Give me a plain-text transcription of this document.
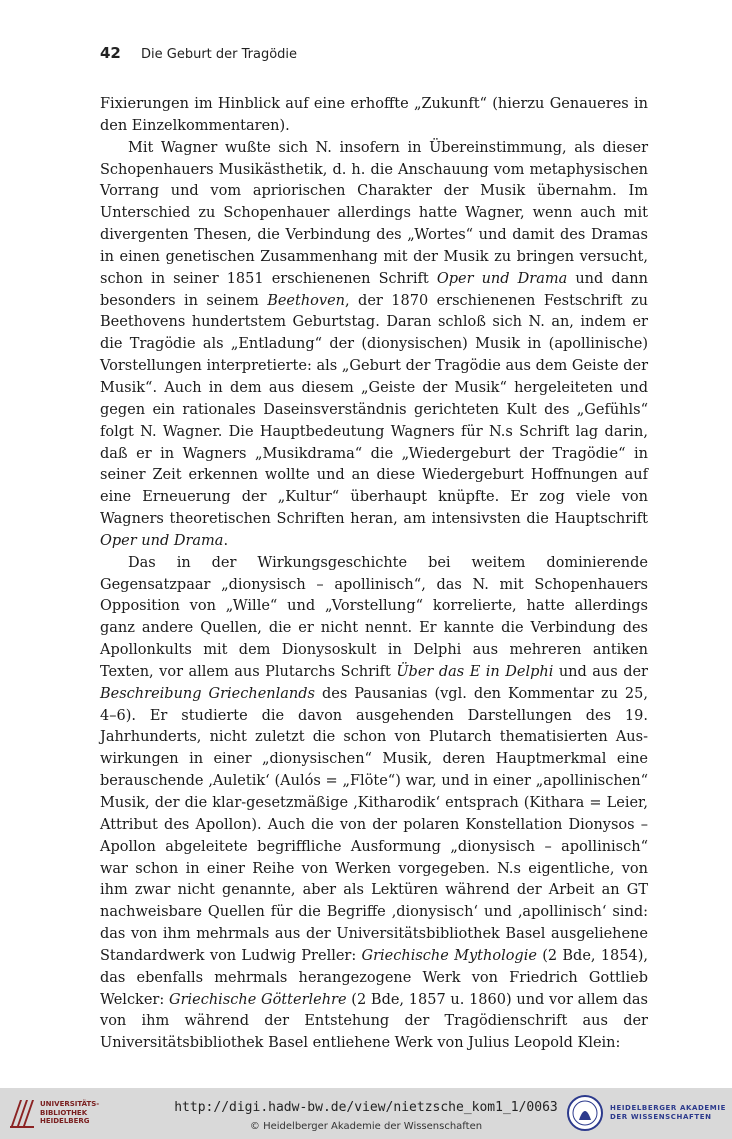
42 Die Geburt der Tragödie

Fixierungen im Hinblick auf eine erhoffte „Zukunft“ (hierzu Genaueres in den Einzelkommentaren).

Mit Wagner wußte sich N. insofern in Übereinstimmung, als dieser Schopenhauers Musikästhetik, d. h. die Anschauung vom metaphysischen Vorrang und vom apriorischen Charakter der Musik übernahm. Im Unterschied zu Schopenhauer allerdings hatte Wagner, wenn auch mit divergenten Thesen, die Verbindung des „Wortes“ und damit des Dramas in einen genetischen Zusammenhang mit der Musik zu bringen versucht, schon in seiner 1851 erschienenen Schrift Oper und Drama und dann besonders in seinem Beethoven, der 1870 erschienenen Festschrift zu Beethovens hundertstem Geburtstag. Daran schloß sich N. an, indem er die Tragödie als „Entladung“ der (dionysischen) Musik in (apollinische) Vorstellungen interpretierte: als „Geburt der Tragödie aus dem Geiste der Musik“. Auch in dem aus diesem „Geiste der Musik“ hergeleiteten und gegen ein rationales Daseinsverständnis gerichteten Kult des „Gefühls“ folgt N. Wagner. Die Hauptbedeutung Wagners für N.s Schrift lag darin, daß er in Wagners „Musikdrama“ die „Wiedergeburt der Tragödie“ in seiner Zeit erkennen wollte und an diese Wiedergeburt Hoffnungen auf eine Erneuerung der „Kultur“ überhaupt knüpfte. Er zog viele von Wagners theoretischen Schriften heran, am intensivsten die Hauptschrift Oper und Drama.

Das in der Wirkungsgeschichte bei weitem dominierende Gegensatzpaar „dionysisch – apollinisch“, das N. mit Schopenhauers Opposition von „Wille“ und „Vorstellung“ korrelierte, hatte allerdings ganz andere Quellen, die er nicht nennt. Er kannte die Verbindung des Apollonkults mit dem Dionysoskult in Delphi aus mehreren antiken Texten, vor allem aus Plutarchs Schrift Über das E in Delphi und aus der Beschreibung Griechenlands des Pausanias (vgl. den Kommentar zu 25, 4–6). Er studierte die davon ausgehenden Darstellungen des 19. Jahrhunderts, nicht zuletzt die schon von Plutarch thematisierten Auswirkungen in einer „dionysischen“ Musik, deren Hauptmerkmal eine berauschende ‚Auletik‘ (Aulós = „Flöte“) war, und in einer „apollinischen“ Musik, der die klar-gesetzmäßige ‚Kitharodik‘ entsprach (Kithara = Leier, Attribut des Apollon). Auch die von der polaren Konstellation Dionysos – Apollon abgeleitete begriffliche Ausformung „dionysisch – apollinisch“ war schon in einer Reihe von Werken vorgegeben. N.s eigentliche, von ihm zwar nicht genannte, aber als Lektüren während der Arbeit an GT nachweisbare Quellen für die Begriffe ‚dionysisch‘ und ‚apollinisch‘ sind: das von ihm mehrmals aus der Universitätsbibliothek Basel ausgeliehene Standardwerk von Ludwig Preller: Griechische Mythologie (2 Bde, 1854), das ebenfalls mehrmals herangezogene Werk von Friedrich Gottlieb Welcker: Griechische Götterlehre (2 Bde, 1857 u. 1860) und vor allem das von ihm während der Entstehung der Tragödienschrift aus der Universitätsbibliothek Basel entliehene Werk von Julius Leopold Klein:

UNIVERSITÄTS-
BIBLIOTHEK
HEIDELBERG
http://digi.hadw-bw.de/view/nietzsche_kom1_1/0063
© Heidelberger Akademie der Wissenschaften
HEIDELBERGER AKADEMIE
DER WISSENSCHAFTEN
